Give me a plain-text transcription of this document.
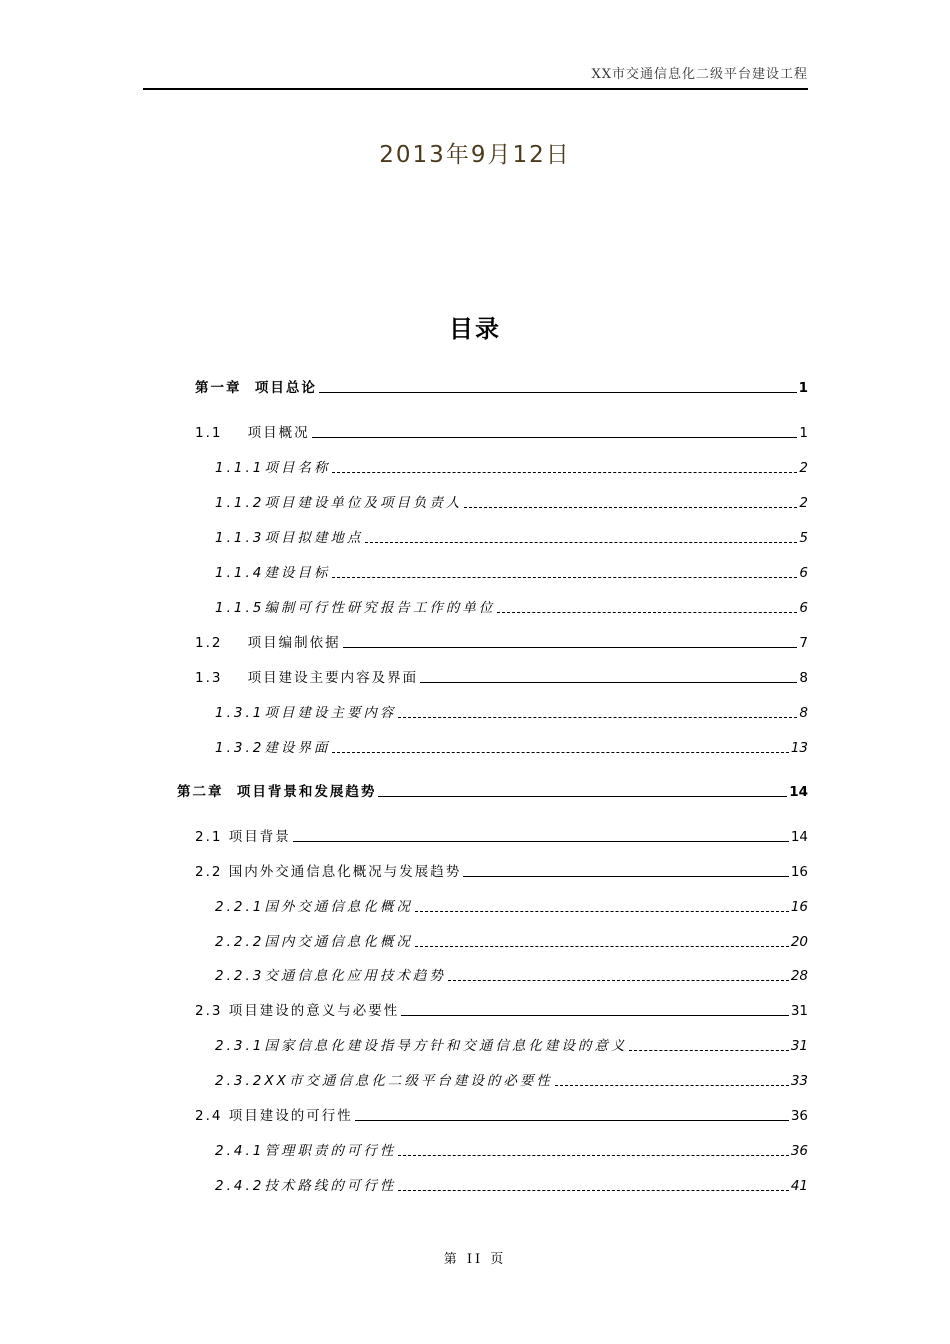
XX市交通信息化二级平台建设工程
2013年9月12日
目录
第一章  项目总论	1
1.1    项目概况	1
1.1.1项目名称	2
1.1.2项目建设单位及项目负责人	2
1.1.3项目拟建地点	5
1.1.4建设目标	6
1.1.5编制可行性研究报告工作的单位	6
1.2    项目编制依据	7
1.3    项目建设主要内容及界面	8
1.3.1项目建设主要内容	8
1.3.2建设界面	13
第二章  项目背景和发展趋势	14
2.1 项目背景	14
2.2 国内外交通信息化概况与发展趋势	16
2.2.1国外交通信息化概况	16
2.2.2国内交通信息化概况	20
2.2.3交通信息化应用技术趋势	28
2.3 项目建设的意义与必要性	31
2.3.1国家信息化建设指导方针和交通信息化建设的意义	31
2.3.2XX市交通信息化二级平台建设的必要性	33
2.4 项目建设的可行性	36
2.4.1管理职责的可行性	36
2.4.2技术路线的可行性	41
第 II 页
